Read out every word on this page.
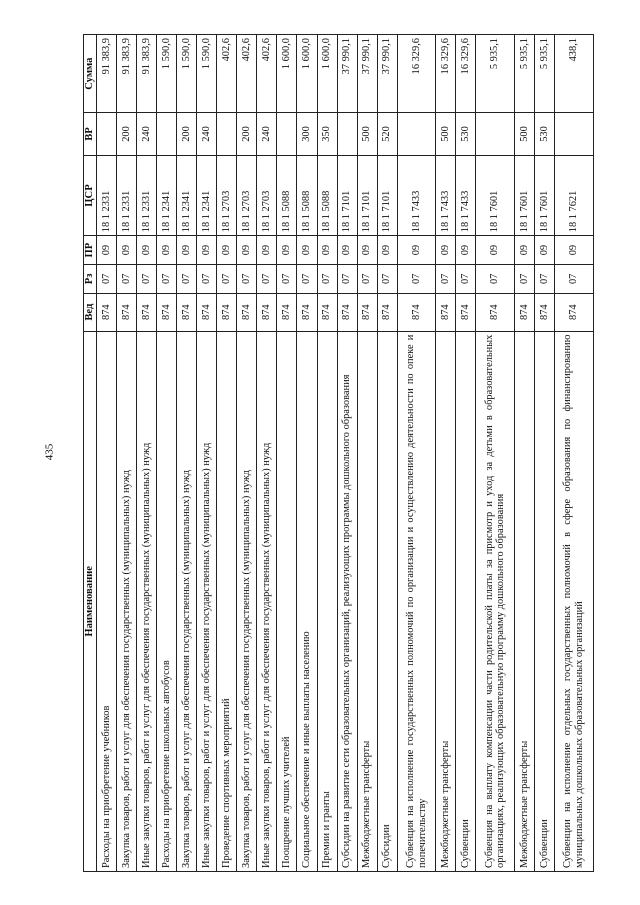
435
Наименование	Вед	Рз	ПР	ЦСР	ВР	Сумма
Расходы на приобретение учебников	874	07	09	18 1 2331		91 383,9
Закупка товаров, работ и услуг для обеспечения государственных (муниципальных) нужд	874	07	09	18 1 2331	200	91 383,9
Иные закупки товаров, работ и услуг для обеспечения государственных (муниципальных) нужд	874	07	09	18 1 2331	240	91 383,9
Расходы на приобретение школьных автобусов	874	07	09	18 1 2341		1 590,0
Закупка товаров, работ и услуг для обеспечения государственных (муниципальных) нужд	874	07	09	18 1 2341	200	1 590,0
Иные закупки товаров, работ и услуг для обеспечения государственных (муниципальных) нужд	874	07	09	18 1 2341	240	1 590,0
Проведение спортивных мероприятий	874	07	09	18 1 2703		402,6
Закупка товаров, работ и услуг для обеспечения государственных (муниципальных) нужд	874	07	09	18 1 2703	200	402,6
Иные закупки товаров, работ и услуг для обеспечения государственных (муниципальных) нужд	874	07	09	18 1 2703	240	402,6
Поощрение лучших учителей	874	07	09	18 1 5088		1 600,0
Социальное обеспечение и иные выплаты населению	874	07	09	18 1 5088	300	1 600,0
Премии и гранты	874	07	09	18 1 5088	350	1 600,0
Субсидии на развитие сети образовательных организаций, реализующих программы дошкольного образования	874	07	09	18 1 7101		37 990,1
Межбюджетные трансферты	874	07	09	18 1 7101	500	37 990,1
Субсидии	874	07	09	18 1 7101	520	37 990,1
Субвенция на исполнение государственных полномочий по организации и осуществлению деятельности по опеке и попечительству	874	07	09	18 1 7433		16 329,6
Межбюджетные трансферты	874	07	09	18 1 7433	500	16 329,6
Субвенции	874	07	09	18 1 7433	530	16 329,6
Субвенция на выплату компенсации части родительской платы за присмотр и уход за детьми в образовательных организациях, реализующих образовательную программу дошкольного образования	874	07	09	18 1 7601		5 935,1
Межбюджетные трансферты	874	07	09	18 1 7601	500	5 935,1
Субвенции	874	07	09	18 1 7601	530	5 935,1
Субвенции на исполнение отдельных государственных полномочий в сфере образования по финансированию муниципальных дошкольных образовательных организаций	874	07	09	18 1 7621		438,1
